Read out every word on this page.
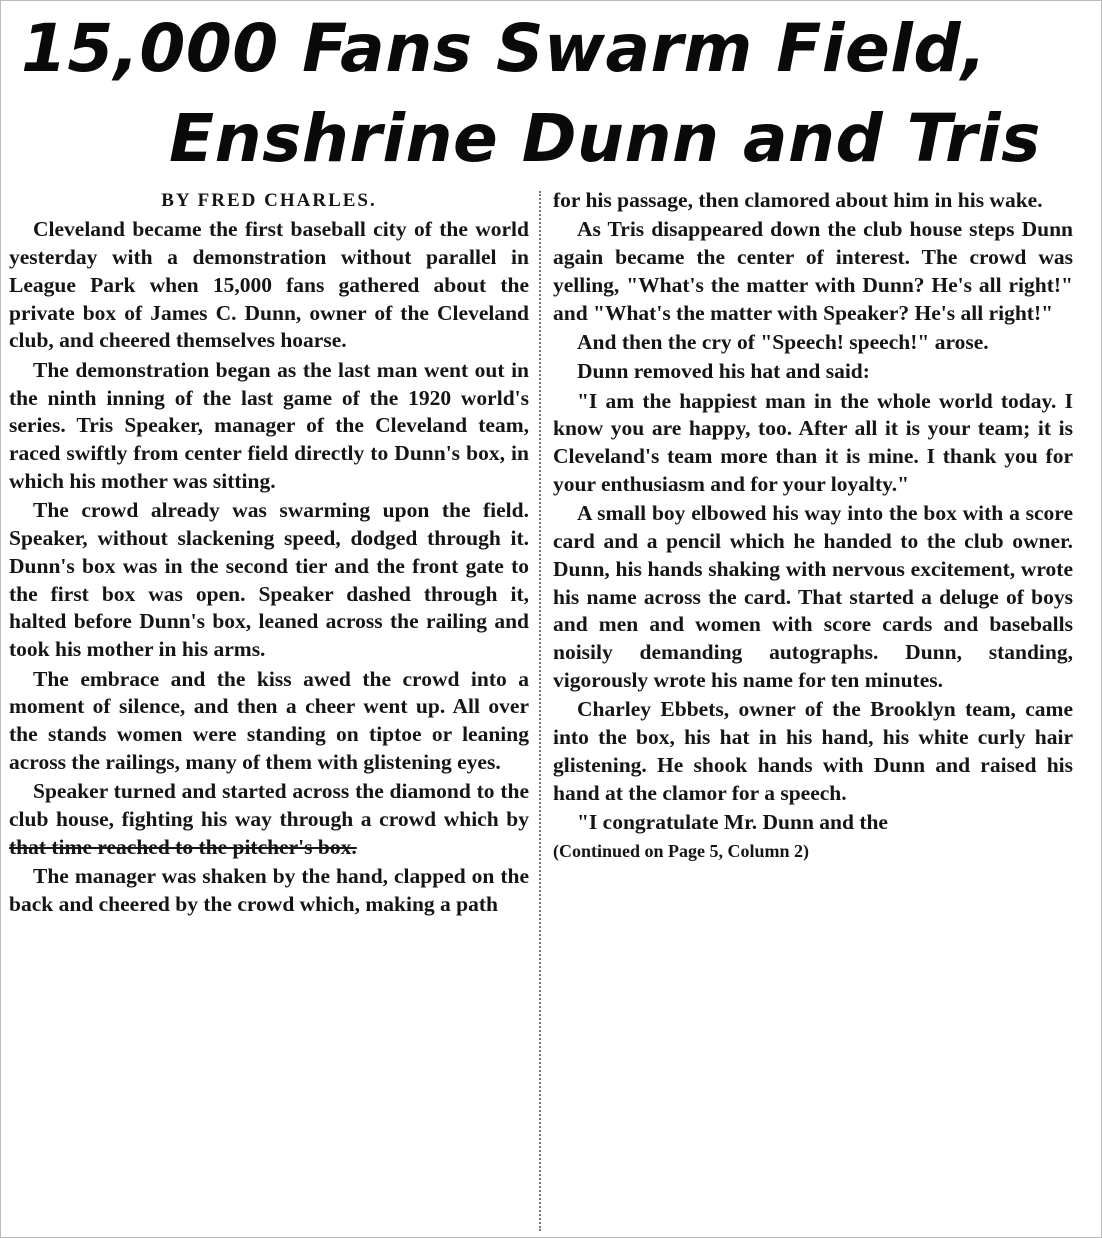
15,000 Fans Swarm Field,
Enshrine Dunn and Tris

BY FRED CHARLES.

Cleveland became the first baseball city of the world yesterday with a demonstration without parallel in League Park when 15,000 fans gathered about the private box of James C. Dunn, owner of the Cleveland club, and cheered themselves hoarse.

The demonstration began as the last man went out in the ninth inning of the last game of the 1920 world's series. Tris Speaker, manager of the Cleveland team, raced swiftly from center field directly to Dunn's box, in which his mother was sitting.

The crowd already was swarming upon the field. Speaker, without slackening speed, dodged through it. Dunn's box was in the second tier and the front gate to the first box was open. Speaker dashed through it, halted before Dunn's box, leaned across the railing and took his mother in his arms.

The embrace and the kiss awed the crowd into a moment of silence, and then a cheer went up. All over the stands women were standing on tiptoe or leaning across the railings, many of them with glistening eyes.

Speaker turned and started across the diamond to the club house, fighting his way through a crowd which by that time reached to the pitcher's box.

The manager was shaken by the hand, clapped on the back and cheered by the crowd which, making a path

for his passage, then clamored about him in his wake.

As Tris disappeared down the club house steps Dunn again became the center of interest. The crowd was yelling, "What's the matter with Dunn? He's all right!" and "What's the matter with Speaker? He's all right!"

And then the cry of "Speech! speech!" arose.

Dunn removed his hat and said:

"I am the happiest man in the whole world today. I know you are happy, too. After all it is your team; it is Cleveland's team more than it is mine. I thank you for your enthusiasm and for your loyalty."

A small boy elbowed his way into the box with a score card and a pencil which he handed to the club owner. Dunn, his hands shaking with nervous excitement, wrote his name across the card. That started a deluge of boys and men and women with score cards and baseballs noisily demanding autographs. Dunn, standing, vigorously wrote his name for ten minutes.

Charley Ebbets, owner of the Brooklyn team, came into the box, his hat in his hand, his white curly hair glistening. He shook hands with Dunn and raised his hand at the clamor for a speech.

"I congratulate Mr. Dunn and the

(Continued on Page 5, Column 2)
